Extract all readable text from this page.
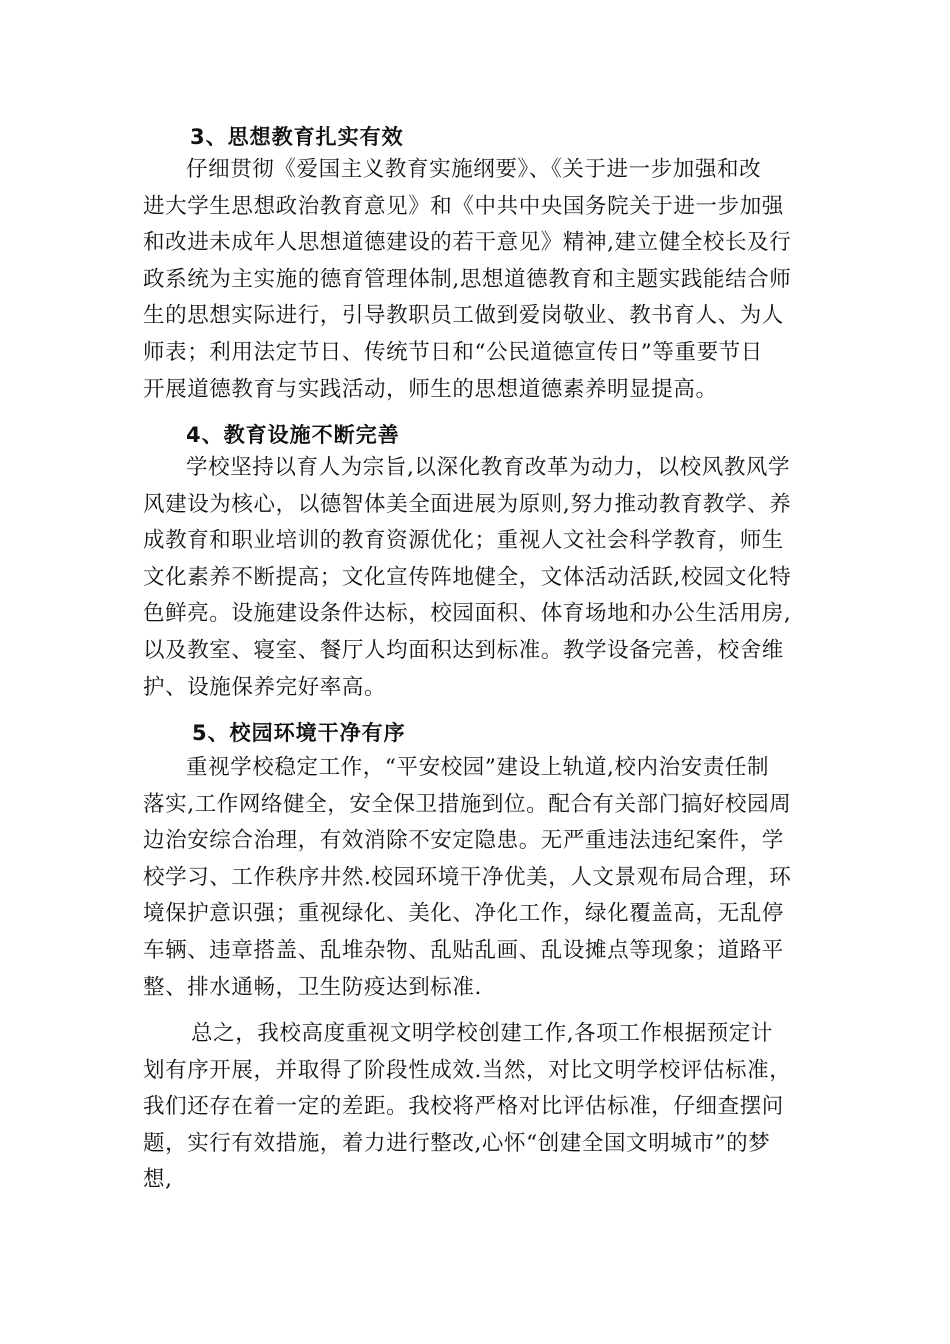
3、思想教育扎实有效
仔细贯彻《爱国主义教育实施纲要》、《关于进一步加强和改
进大学生思想政治教育意见》和《中共中央国务院关于进一步加强
和改进未成年人思想道德建设的若干意见》精神,建立健全校长及行
政系统为主实施的德育管理体制,思想道德教育和主题实践能结合师
生的思想实际进行，引导教职员工做到爱岗敬业、教书育人、为人
师表；利用法定节日、传统节日和“公民道德宣传日”等重要节日
开展道德教育与实践活动，师生的思想道德素养明显提高。
4、教育设施不断完善
学校坚持以育人为宗旨,以深化教育改革为动力，以校风教风学
风建设为核心，以德智体美全面进展为原则,努力推动教育教学、养
成教育和职业培训的教育资源优化；重视人文社会科学教育，师生
文化素养不断提高；文化宣传阵地健全，文体活动活跃,校园文化特
色鲜亮。设施建设条件达标，校园面积、体育场地和办公生活用房,
以及教室、寝室、餐厅人均面积达到标准。教学设备完善，校舍维
护、设施保养完好率高。
5、校园环境干净有序
重视学校稳定工作，“平安校园”建设上轨道,校内治安责任制
落实,工作网络健全，安全保卫措施到位。配合有关部门搞好校园周
边治安综合治理，有效消除不安定隐患。无严重违法违纪案件，学
校学习、工作秩序井然.校园环境干净优美，人文景观布局合理，环
境保护意识强；重视绿化、美化、净化工作，绿化覆盖高，无乱停
车辆、违章搭盖、乱堆杂物、乱贴乱画、乱设摊点等现象；道路平
整、排水通畅，卫生防疫达到标准.
总之，我校高度重视文明学校创建工作,各项工作根据预定计
划有序开展，并取得了阶段性成效.当然，对比文明学校评估标准，
我们还存在着一定的差距。我校将严格对比评估标准，仔细查摆问
题，实行有效措施，着力进行整改,心怀“创建全国文明城市”的梦
想,
